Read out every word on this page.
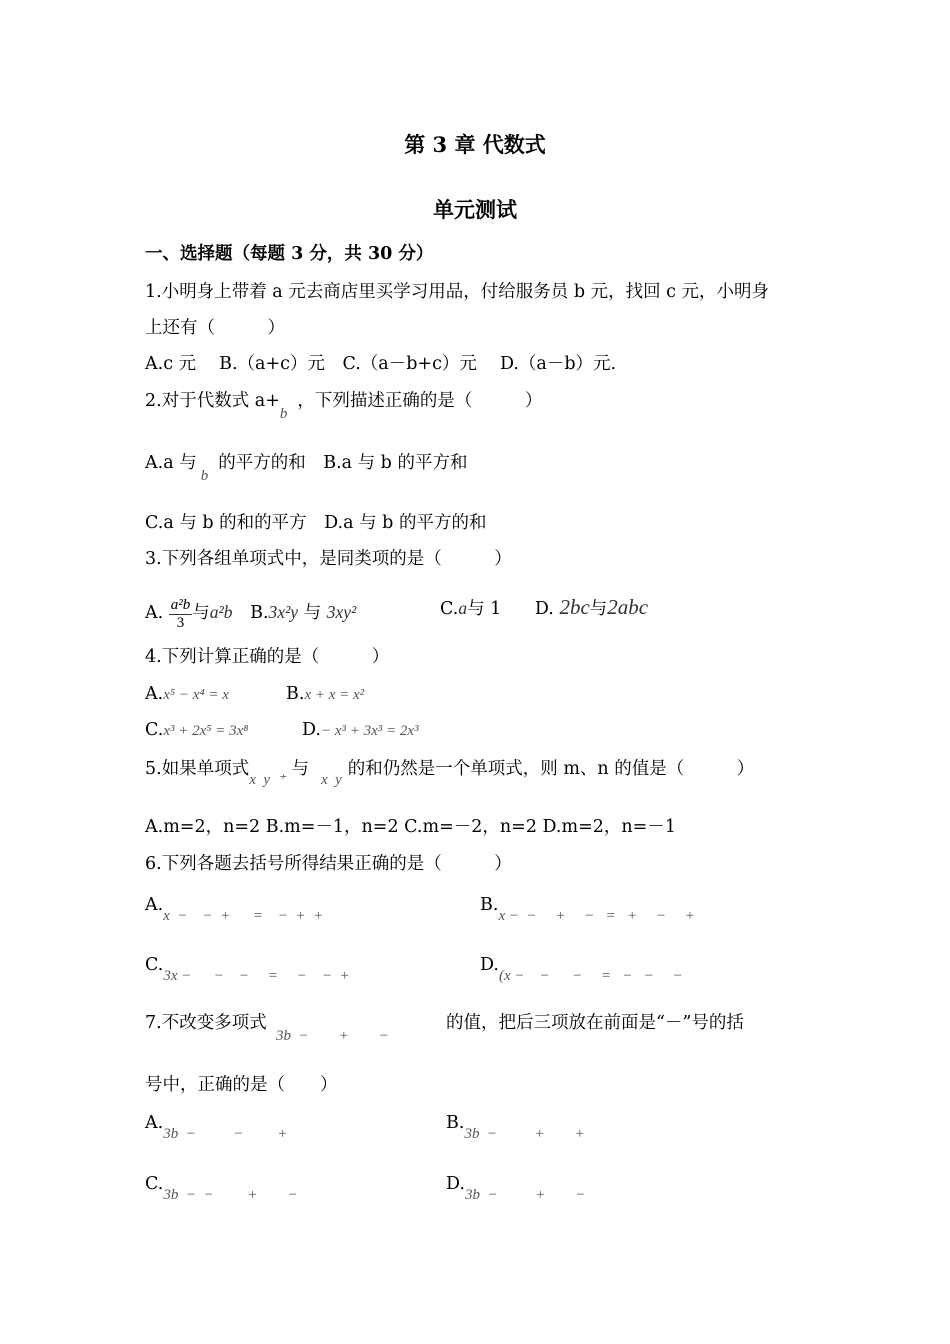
第 3 章 代数式
单元测试
一、选择题（每题 3 分，共 30 分）
1.小明身上带着 a 元去商店里买学习用品，付给服务员 b 元，找回 c 元，小明身
上还有（　　　）
A.c 元　 B.（a+c）元　C.（a－b+c）元　 D.（a－b）元.
2.对于代数式 a+b，下列描述正确的是（　　　）
A.a 与b的平方的和　B.a 与 b 的平方和
C.a 与 b 的和的平方　D.a 与 b 的平方的和
3.下列各组单项式中，是同类项的是（　　　）
A. $\frac{\text{a²b}}{3}$ 与a²b B.3x²y 与 3xy²	C.a与 1 D. 2bc与2abc
4.下列计算正确的是（　　　）
A.x⁵ − x⁴ = x	B.x + x = x²
C.x³ + 2x⁵ = 3x⁸	D.− x³ + 3x³ = 2x³
5.如果单项式x  y  ⁺与x  y的和仍然是一个单项式，则 m、n 的值是（　　　）
A.m=2，n=2 B.m=－1，n=2 C.m=－2，n=2 D.m=2，n=－1
6.下列各题去括号所得结果正确的是（　　　）
A.x  −    −  +      =    −  +  +
B.x −  −     +     −   =   +     −     +
C.3x −      −    −     =     −    −  +
D.(x −    −      −     =   −   −     −
7.不改变多项式
3b  −        +        −
的值，把后三项放在前面是“－”号的括
号中，正确的是（　　）
A.3b  −          −         +
B.3b  −          +        +
C.3b  −  −         +        −
D.3b  −          +        −
